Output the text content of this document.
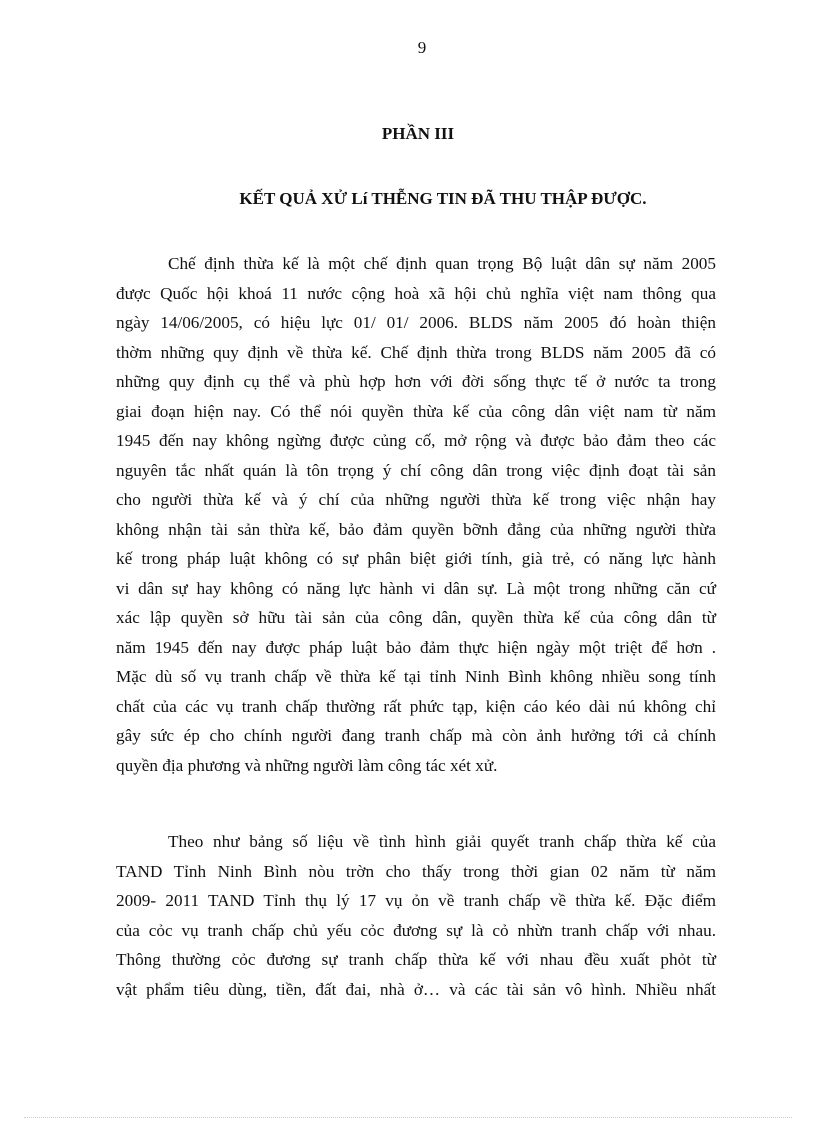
9
PHẦN III
KẾT QUẢ XỬ Lí THỄNG TIN ĐÃ THU THẬP ĐƯỢC.
Chế định thừa kế là một chế định quan trọng Bộ luật dân sự năm 2005
được Quốc hội khoá 11 nước cộng hoà xã hội chủ nghĩa việt nam thông qua
ngày 14/06/2005, có hiệu lực 01/ 01/ 2006. BLDS năm 2005 đó hoàn thiện
thờm những quy định về thừa kế. Chế định thừa trong BLDS năm 2005 đã có
những quy định cụ thể và phù hợp hơn với đời sống thực tế ở nước ta trong
giai đoạn hiện nay. Có thể nói quyền thừa kế của công dân việt nam từ năm
1945 đến nay không ngừng được củng cố, mở rộng và được bảo đảm theo các
nguyên tắc nhất quán là tôn trọng ý chí công dân trong việc định đoạt tài sản
cho người thừa kế và ý chí của những người thừa kế trong việc nhận hay
không nhận tài sản thừa kế, bảo đảm quyền bỡnh đẳng của những người thừa
kế trong pháp luật không có sự phân biệt giới tính, già trẻ, có năng lực hành
vi dân sự hay không có năng lực hành vi dân sự. Là một trong những căn cứ
xác lập quyền sở hữu tài sản của công dân, quyền thừa kế của công dân từ
năm 1945 đến nay được pháp luật bảo đảm thực hiện ngày một triệt để hơn .
Mặc dù số vụ tranh chấp về thừa kế tại tỉnh Ninh Bình không nhiều song tính
chất của các vụ tranh chấp thường rất phức tạp, kiện cáo kéo dài nú không chỉ
gây sức ép cho chính người đang tranh chấp mà còn ảnh hưởng tới cả chính
quyền địa phương và những người làm công tác xét xử.
Theo như bảng số liệu về tình hình giải quyết tranh chấp thừa kế của
TAND Tỉnh Ninh Bình nòu trờn cho thấy trong thời gian 02 năm từ năm
2009- 2011 TAND Tỉnh thụ lý 17 vụ ỏn về tranh chấp về thừa kế. Đặc điểm
của cỏc vụ tranh chấp chủ yếu cỏc đương sự là cỏ nhừn tranh chấp với nhau.
Thông thường cỏc đương sự tranh chấp thừa kế với nhau đều xuất phỏt từ
vật phẩm tiêu dùng, tiền, đất đai, nhà ở… và các tài sản vô hình. Nhiều nhất
